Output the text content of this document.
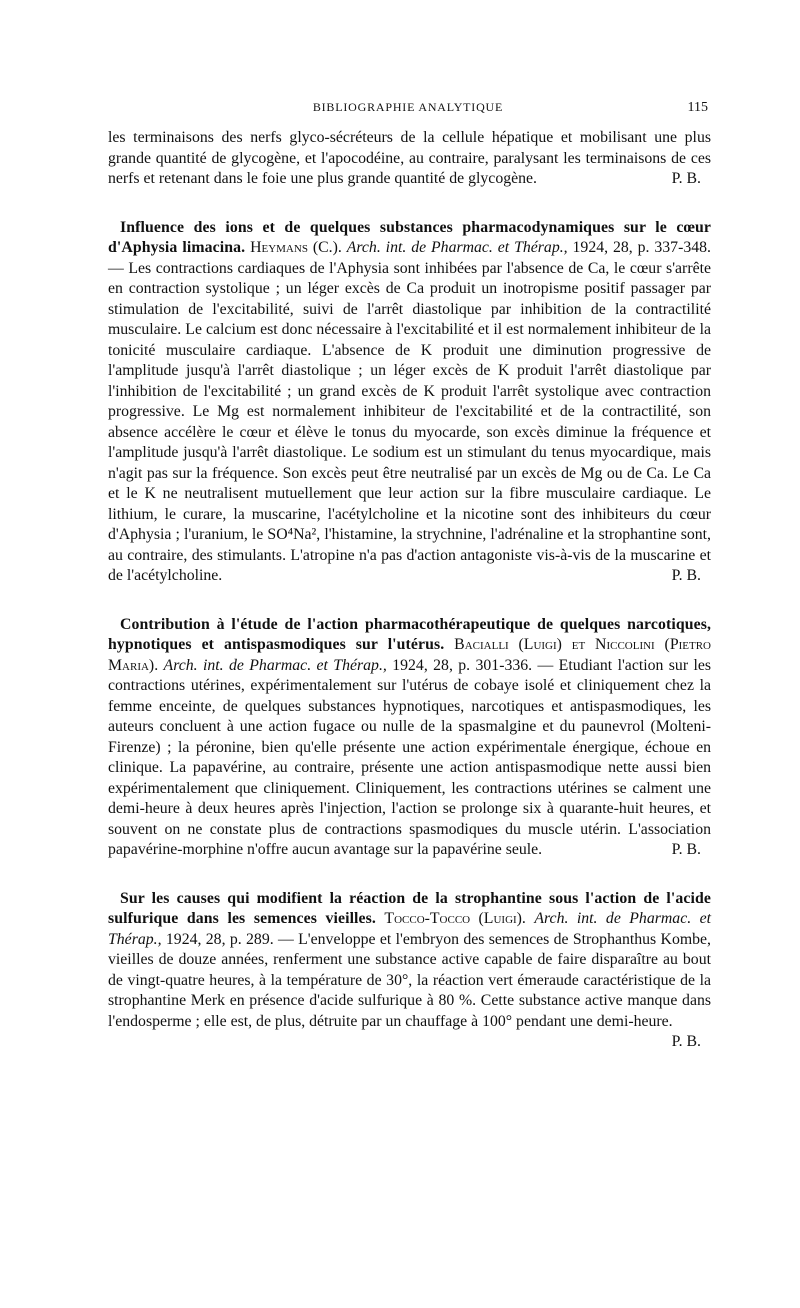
BIBLIOGRAPHIE ANALYTIQUE	115

les terminaisons des nerfs glyco-sécréteurs de la cellule hépatique et mobilisant une plus grande quantité de glycogène, et l'apocodéine, au contraire, paralysant les terminaisons de ces nerfs et retenant dans le foie une plus grande quantité de glycogène.	P. B.

Influence des ions et de quelques substances pharmacodynamiques sur le cœur d'Aphysia limacina. Heymans (C.). Arch. int. de Pharmac. et Thérap., 1924, 28, p. 337-348. — Les contractions cardiaques de l'Aphysia sont inhibées par l'absence de Ca, le cœur s'arrête en contraction systolique ; un léger excès de Ca produit un inotropisme positif passager par stimulation de l'excitabilité, suivi de l'arrêt diastolique par inhibition de la contractilité musculaire. Le calcium est donc nécessaire à l'excitabilité et il est normalement inhibiteur de la tonicité musculaire cardiaque. L'absence de K produit une diminution progressive de l'amplitude jusqu'à l'arrêt diastolique ; un léger excès de K produit l'arrêt diastolique par l'inhibition de l'excitabilité ; un grand excès de K produit l'arrêt systolique avec contraction progressive. Le Mg est normalement inhibiteur de l'excitabilité et de la contractilité, son absence accélère le cœur et élève le tonus du myocarde, son excès diminue la fréquence et l'amplitude jusqu'à l'arrêt diastolique. Le sodium est un stimulant du tenus myocardique, mais n'agit pas sur la fréquence. Son excès peut être neutralisé par un excès de Mg ou de Ca. Le Ca et le K ne neutralisent mutuellement que leur action sur la fibre musculaire cardiaque. Le lithium, le curare, la muscarine, l'acétylcholine et la nicotine sont des inhibiteurs du cœur d'Aphysia ; l'uranium, le SO⁴Na², l'histamine, la strychnine, l'adrénaline et la strophantine sont, au contraire, des stimulants. L'atropine n'a pas d'action antagoniste vis-à-vis de la muscarine et de l'acétylcholine.	P. B.

Contribution à l'étude de l'action pharmacothérapeutique de quelques narcotiques, hypnotiques et antispasmodiques sur l'utérus. Bacialli (Luigi) et Niccolini (Pietro Maria). Arch. int. de Pharmac. et Thérap., 1924, 28, p. 301-336. — Etudiant l'action sur les contractions utérines, expérimentalement sur l'utérus de cobaye isolé et cliniquement chez la femme enceinte, de quelques substances hypnotiques, narcotiques et antispasmodiques, les auteurs concluent à une action fugace ou nulle de la spasmalgine et du paunevrol (Molteni-Firenze) ; la péronine, bien qu'elle présente une action expérimentale énergique, échoue en clinique. La papavérine, au contraire, présente une action antispasmodique nette aussi bien expérimentalement que cliniquement. Cliniquement, les contractions utérines se calment une demi-heure à deux heures après l'injection, l'action se prolonge six à quarante-huit heures, et souvent on ne constate plus de contractions spasmodiques du muscle utérin. L'association papavérine-morphine n'offre aucun avantage sur la papavérine seule.	P. B.

Sur les causes qui modifient la réaction de la strophantine sous l'action de l'acide sulfurique dans les semences vieilles. Tocco-Tocco (Luigi). Arch. int. de Pharmac. et Thérap., 1924, 28, p. 289. — L'enveloppe et l'embryon des semences de Strophanthus Kombe, vieilles de douze années, renferment une substance active capable de faire disparaître au bout de vingt-quatre heures, à la température de 30°, la réaction vert émeraude caractéristique de la strophantine Merk en présence d'acide sulfurique à 80 %. Cette substance active manque dans l'endosperme ; elle est, de plus, détruite par un chauffage à 100° pendant une demi-heure.
P. B.
